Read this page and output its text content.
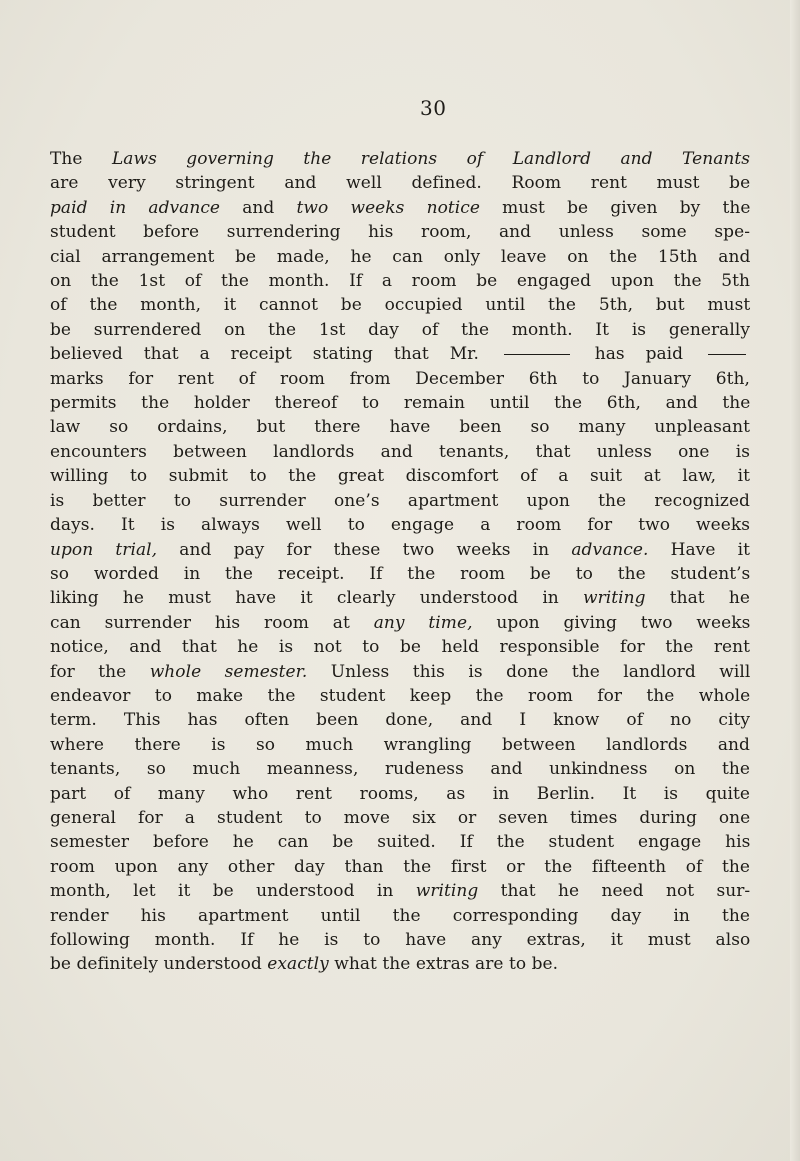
30
The Laws governing the relations of Landlord and Tenants
are very stringent and well defined. Room rent must be
paid in advance and two weeks notice must be given by the
student before surrendering his room, and unless some spe-
cial arrangement be made, he can only leave on the 15th and
on the 1st of the month. If a room be engaged upon the 5th
of the month, it cannot be occupied until the 5th, but must
be surrendered on the 1st day of the month. It is generally
believed that a receipt stating that Mr.	has paid
marks for rent of room from December 6th to January 6th,
permits the holder thereof to remain until the 6th, and the
law so ordains, but there have been so many unpleasant
encounters between landlords and tenants, that unless one is
willing to submit to the great discomfort of a suit at law, it
is better to surrender one’s apartment upon the recognized
days. It is always well to engage a room for two weeks
upon trial, and pay for these two weeks in advance. Have it
so worded in the receipt. If the room be to the student’s
liking he must have it clearly understood in writing that he
can surrender his room at any time, upon giving two weeks
notice, and that he is not to be held responsible for the rent
for the whole semester. Unless this is done the landlord will
endeavor to make the student keep the room for the whole
term. This has often been done, and I know of no city
where there is so much wrangling between landlords and
tenants, so much meanness, rudeness and unkindness on the
part of many who rent rooms, as in Berlin. It is quite
general for a student to move six or seven times during one
semester before he can be suited. If the student engage his
room upon any other day than the first or the fifteenth of the
month, let it be understood in writing that he need not sur-
render his apartment until the corresponding day in the
following month. If he is to have any extras, it must also
be definitely understood exactly what the extras are to be.
